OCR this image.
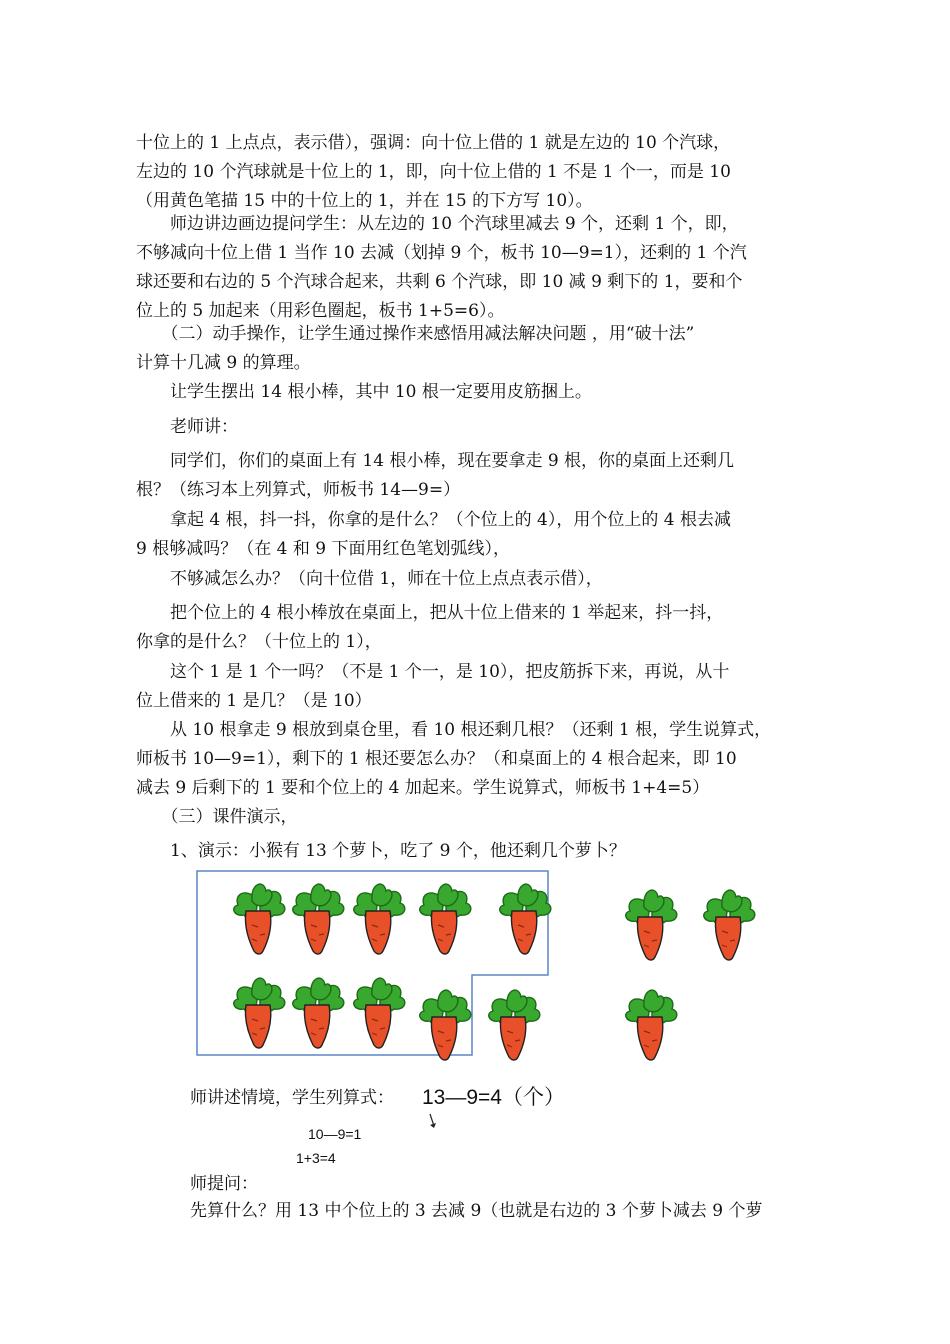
十位上的 1 上点点，表示借），强调：向十位上借的 1 就是左边的 10 个汽球，
左边的 10 个汽球就是十位上的 1，即，向十位上借的 1 不是 1 个一，而是 10
（用黄色笔描 15 中的十位上的 1，并在 15 的下方写 10）。
　　师边讲边画边提问学生：从左边的 10 个汽球里减去 9 个，还剩 1 个，即，
不够减向十位上借 1 当作 10 去减（划掉 9 个，板书 10—9=1），还剩的 1 个汽
球还要和右边的 5 个汽球合起来，共剩 6 个汽球，即 10 减 9 剩下的 1，要和个
位上的 5 加起来（用彩色圈起，板书 1+5=6）。
　　（二）动手操作，让学生通过操作来感悟用减法解决问题 ，用“破十法”
计算十几减 9 的算理。
　　让学生摆出 14 根小棒，其中 10 根一定要用皮筋捆上。
　　老师讲：
　　同学们，你们的桌面上有 14 根小棒，现在要拿走 9 根，你的桌面上还剩几
根？（练习本上列算式，师板书 14—9=）
　　拿起 4 根，抖一抖，你拿的是什么？（个位上的 4），用个位上的 4 根去减
9 根够减吗？（在 4 和 9 下面用红色笔划弧线），
　　不够减怎么办？（向十位借 1，师在十位上点点表示借），
　　把个位上的 4 根小棒放在桌面上，把从十位上借来的 1 举起来，抖一抖，
你拿的是什么？（十位上的 1），
　　这个 1 是 1 个一吗？（不是 1 个一，是 10），把皮筋拆下来，再说，从十
位上借来的 1 是几？（是 10）
　　从 10 根拿走 9 根放到桌仓里，看 10 根还剩几根？（还剩 1 根，学生说算式，
师板书 10—9=1），剩下的 1 根还要怎么办？（和桌面上的 4 根合起来，即 10
减去 9 后剩下的 1 要和个位上的 4 加起来。学生说算式，师板书 1+4=5）
　　（三）课件演示，
　　1、演示：小猴有 13 个萝卜，吃了 9 个，他还剩几个萝卜？
师讲述情境，学生列算式：	13—9=4（个）
10—9=1
1+3=4
师提问：
先算什么？用 13 中个位上的 3 去减 9（也就是右边的 3 个萝卜减去 9 个萝
